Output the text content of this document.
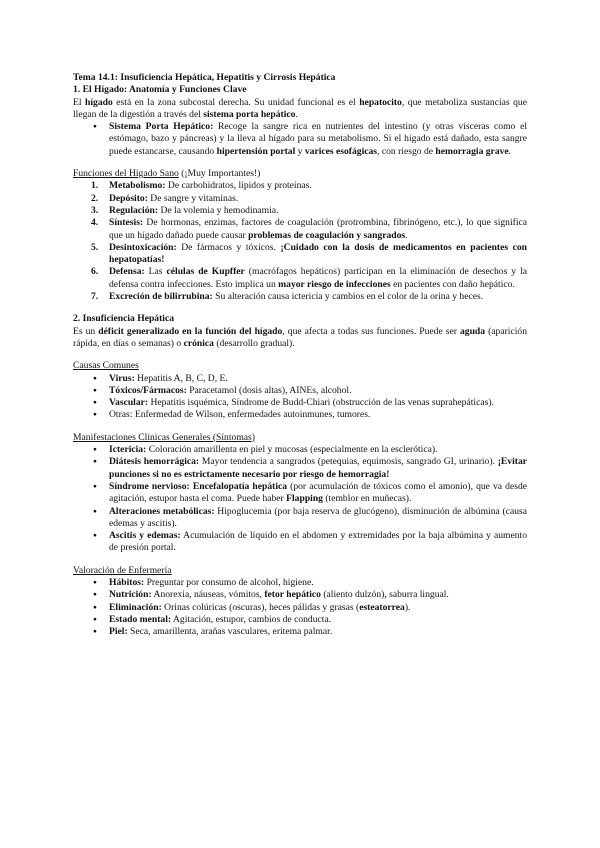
Tema 14.1: Insuficiencia Hepática, Hepatitis y Cirrosis Hepática
1. El Hígado: Anatomía y Funciones Clave

El hígado está en la zona subcostal derecha. Su unidad funcional es el hepatocito, que metaboliza sustancias que llegan de la digestión a través del sistema porta hepático.

● Sistema Porta Hepático: Recoge la sangre rica en nutrientes del intestino (y otras vísceras como el estómago, bazo y páncreas) y la lleva al hígado para su metabolismo. Si el hígado está dañado, esta sangre puede estancarse, causando hipertensión portal y varices esofágicas, con riesgo de hemorragia grave.
Funciones del Hígado Sano (¡Muy Importantes!)
1. Metabolismo: De carbohidratos, lípidos y proteínas.
2. Depósito: De sangre y vitaminas.
3. Regulación: De la volemia y hemodinamia.
4. Síntesis: De hormonas, enzimas, factores de coagulación (protrombina, fibrinógeno, etc.), lo que significa que un hígado dañado puede causar problemas de coagulación y sangrados.
5. Desintoxicación: De fármacos y tóxicos. ¡Cuidado con la dosis de medicamentos en pacientes con hepatopatías!
6. Defensa: Las células de Kupffer (macrófagos hepáticos) participan en la eliminación de desechos y la defensa contra infecciones. Esto implica un mayor riesgo de infecciones en pacientes con daño hepático.
7. Excreción de bilirrubina: Su alteración causa ictericia y cambios en el color de la orina y heces.
2. Insuficiencia Hepática

Es un déficit generalizado en la función del hígado, que afecta a todas sus funciones. Puede ser aguda (aparición rápida, en días o semanas) o crónica (desarrollo gradual).

Causas Comunes
● Virus: Hepatitis A, B, C, D, E.
● Tóxicos/Fármacos: Paracetamol (dosis altas), AINEs, alcohol.
● Vascular: Hepatitis isquémica, Síndrome de Budd-Chiari (obstrucción de las venas suprahepáticas).
● Otras: Enfermedad de Wilson, enfermedades autoinmunes, tumores.
Manifestaciones Clínicas Generales (Síntomas)
● Ictericia: Coloración amarillenta en piel y mucosas (especialmente en la esclerótica).
● Diátesis hemorrágica: Mayor tendencia a sangrados (petequias, equimosis, sangrado GI, urinario). ¡Evitar punciones si no es estrictamente necesario por riesgo de hemorragia!
● Síndrome nervioso: Encefalopatía hepática (por acumulación de tóxicos como el amonio), que va desde agitación, estupor hasta el coma. Puede haber Flapping (temblor en muñecas).
● Alteraciones metabólicas: Hipoglucemia (por baja reserva de glucógeno), disminución de albúmina (causa edemas y ascitis).
● Ascitis y edemas: Acumulación de líquido en el abdomen y extremidades por la baja albúmina y aumento de presión portal.
Valoración de Enfermería
● Hábitos: Preguntar por consumo de alcohol, higiene.
● Nutrición: Anorexia, náuseas, vómitos, fetor hepático (aliento dulzón), saburra lingual.
● Eliminación: Orinas colúricas (oscuras), heces pálidas y grasas (esteatorrea).
● Estado mental: Agitación, estupor, cambios de conducta.
● Piel: Seca, amarillenta, arañas vasculares, eritema palmar.
